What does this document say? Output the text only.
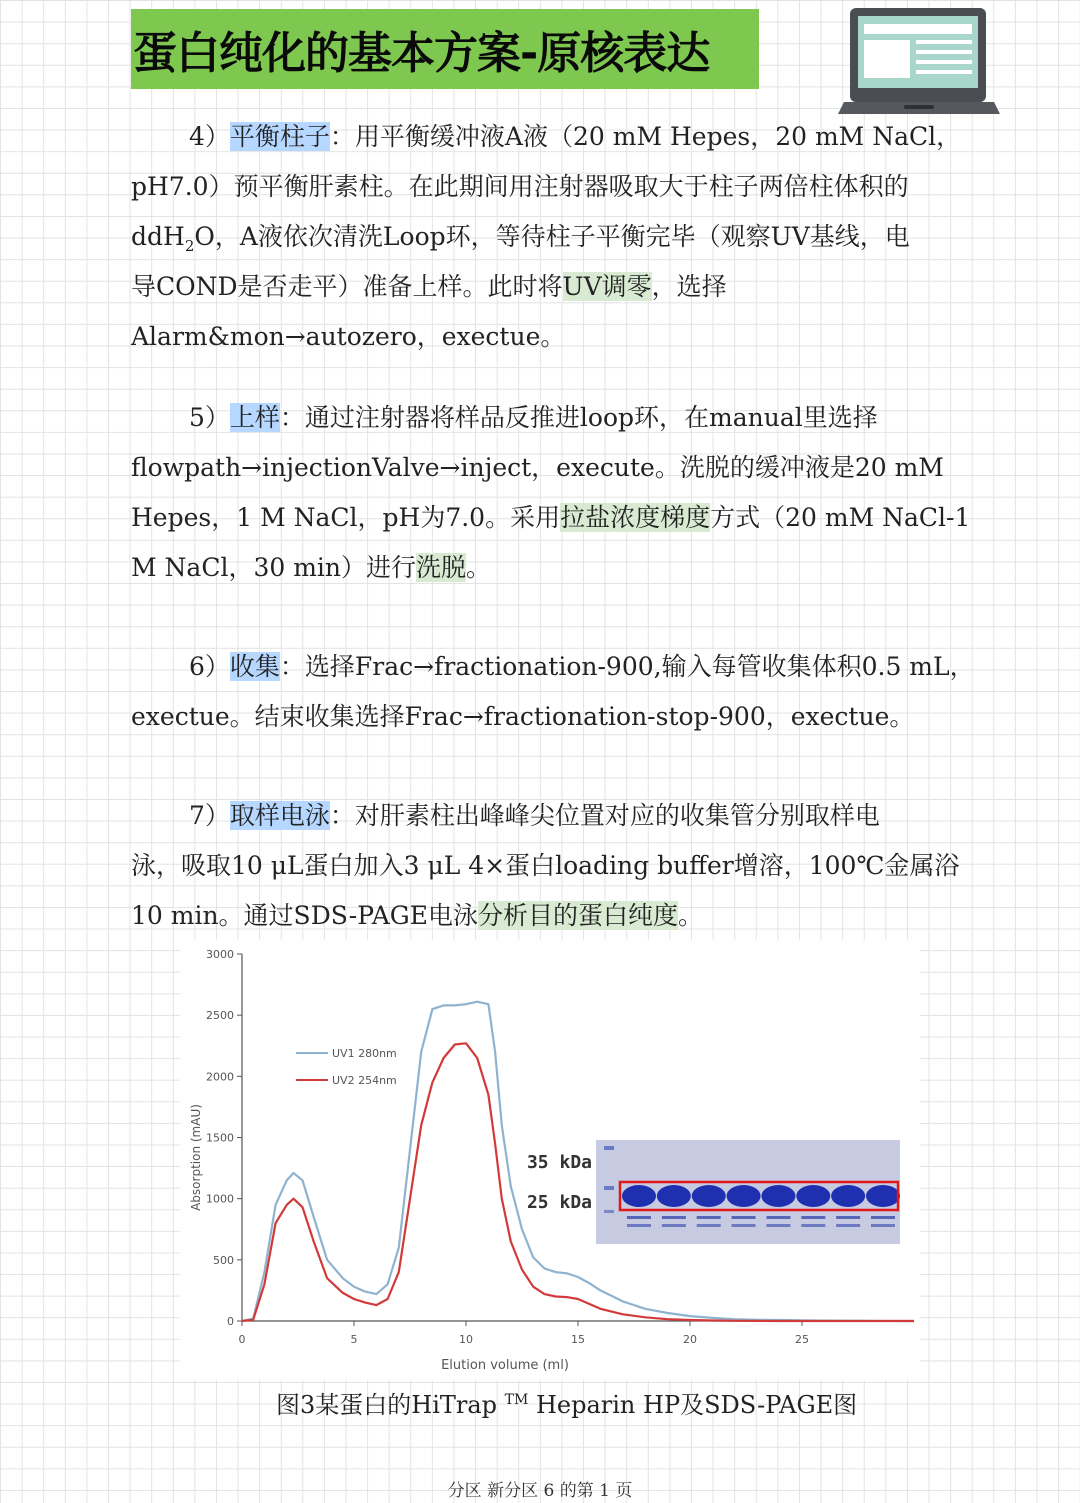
蛋白纯化的基本方案-原核表达
4）平衡柱子：用平衡缓冲液A液（20 mM Hepes，20 mM NaCl，
pH7.0）预平衡肝素柱。在此期间用注射器吸取大于柱子两倍柱体积的
ddH$_2$O，A液依次清洗Loop环，等待柱子平衡完毕（观察UV基线，电
导COND是否走平）准备上样。此时将UV调零，选择
Alarm&mon→autozero，exectue。
5）上样：通过注射器将样品反推进loop环，在manual里选择
flowpath→injectionValve→inject，execute。洗脱的缓冲液是20 mM
Hepes，1 M NaCl，pH为7.0。采用拉盐浓度梯度方式（20 mM NaCl-1
M NaCl，30 min）进行洗脱。
6）收集：选择Frac→fractionation-900,输入每管收集体积0.5 mL，
exectue。结束收集选择Frac→fractionation-stop-900，exectue。
7）取样电泳：对肝素柱出峰峰尖位置对应的收集管分别取样电
泳，吸取10 μL蛋白加入3 μL 4×蛋白loading buffer增溶，100℃金属浴
10 min。通过SDS-PAGE电泳分析目的蛋白纯度。
0
500
1000
1500
2000
2500
3000
0	5	10	15	20	25
Elution volume (ml)
Absorption (mAU)
UV1 280nm
UV2 254nm
35 kDa
25 kDa
图3某蛋白的HiTrap ™ Heparin HP及SDS-PAGE图
分区 新分区 6 的第 1 页
